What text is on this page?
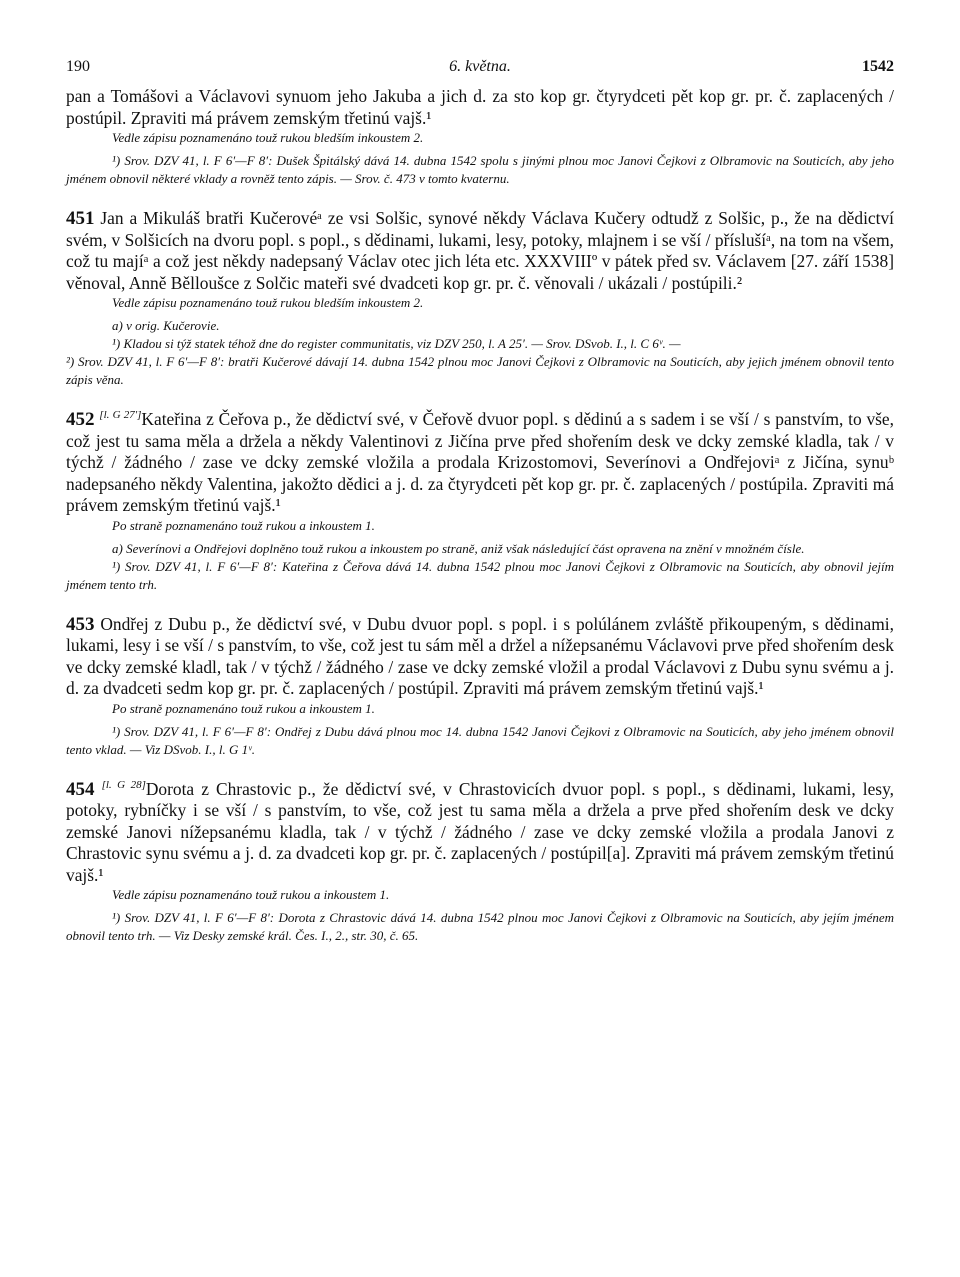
190	6. května.	1542

pan a Tomášovi a Václavovi synuom jeho Jakuba a jich d. za sto kop gr. čtyrydceti pět kop gr. pr. č. zaplacených / postúpil. Zpraviti má právem zemským třetinú vajš.¹

Vedle zápisu poznamenáno touž rukou bledším inkoustem 2.

¹) Srov. DZV 41, l. F 6′—F 8′: Dušek Špitálský dává 14. dubna 1542 spolu s jinými plnou moc Janovi Čejkovi z Olbramovic na Souticích, aby jeho jménem obnovil některé vklady a rovněž tento zápis. — Srov. č. 473 v tomto kvaternu.

451 Jan a Mikuláš bratři Kučerovéᵃ ze vsi Solšic, synové někdy Václava Kučery odtudž z Solšic, p., že na dědictví svém, v Solšicích na dvoru popl. s popl., s dědinami, lukami, lesy, potoky, mlajnem i se vší / příslušíᵃ, na tom na všem, což tu majíᵃ a což jest někdy nadepsaný Václav otec jich léta etc. XXXVIIIº v pátek před sv. Václavem [27. září 1538] věnoval, Anně Bělloušce z Solčic mateři své dvadceti kop gr. pr. č. věnovali / ukázali / postúpili.²

Vedle zápisu poznamenáno touž rukou bledším inkoustem 2.

a) v orig. Kučerovie.

¹) Kladou si týž statek téhož dne do register communitatis, viz DZV 250, l. A 25′. — Srov. DSvob. I., l. C 6ᵛ. —

²) Srov. DZV 41, l. F 6′—F 8′: bratři Kučerové dávají 14. dubna 1542 plnou moc Janovi Čejkovi z Olbramovic na Souticích, aby jejich jménem obnovil tento zápis věna.

452 [l. G 27′]Kateřina z Čeřova p., že dědictví své, v Čeřově dvuor popl. s dědinú a s sadem i se vší / s panstvím, to vše, což jest tu sama měla a držela a někdy Valentinovi z Jičína prve před shořením desk ve dcky zemské kladla, tak / v týchž / žádného / zase ve dcky zemské vložila a prodala Krizostomovi, Severínovi a Ondřejoviᵃ z Jičína, synuᵇ nadepsaného někdy Valentina, jakožto dědici a j. d. za čtyrydceti pět kop gr. pr. č. zaplacených / postúpila. Zpraviti má právem zemským třetinú vajš.¹

Po straně poznamenáno touž rukou a inkoustem 1.

a) Severínovi a Ondřejovi doplněno touž rukou a inkoustem po straně, aniž však následující část opravena na znění v množném čísle.

¹) Srov. DZV 41, l. F 6′—F 8′: Kateřina z Čeřova dává 14. dubna 1542 plnou moc Janovi Čejkovi z Olbramovic na Souticích, aby obnovil jejím jménem tento trh.

453 Ondřej z Dubu p., že dědictví své, v Dubu dvuor popl. s popl. i s polúlánem zvláště přikoupeným, s dědinami, lukami, lesy i se vší / s panstvím, to vše, což jest tu sám měl a držel a nížepsanému Václavovi prve před shořením desk ve dcky zemské kladl, tak / v týchž / žádného / zase ve dcky zemské vložil a prodal Václavovi z Dubu synu svému a j. d. za dvadceti sedm kop gr. pr. č. zaplacených / postúpil. Zpraviti má právem zemským třetinú vajš.¹

Po straně poznamenáno touž rukou a inkoustem 1.

¹) Srov. DZV 41, l. F 6′—F 8′: Ondřej z Dubu dává plnou moc 14. dubna 1542 Janovi Čejkovi z Olbramovic na Souticích, aby jeho jménem obnovil tento vklad. — Viz DSvob. I., l. G 1ᵛ.

454 [l. G 28]Dorota z Chrastovic p., že dědictví své, v Chrastovicích dvuor popl. s popl., s dědinami, lukami, lesy, potoky, rybníčky i se vší / s panstvím, to vše, což jest tu sama měla a držela a prve před shořením desk ve dcky zemské Janovi nížepsanému kladla, tak / v týchž / žádného / zase ve dcky zemské vložila a prodala Janovi z Chrastovic synu svému a j. d. za dvadceti kop gr. pr. č. zaplacených / postúpil[a]. Zpraviti má právem zemským třetinú vajš.¹

Vedle zápisu poznamenáno touž rukou a inkoustem 1.

¹) Srov. DZV 41, l. F 6′—F 8′: Dorota z Chrastovic dává 14. dubna 1542 plnou moc Janovi Čejkovi z Olbramovic na Souticích, aby jejím jménem obnovil tento trh. — Viz Desky zemské král. Čes. I., 2., str. 30, č. 65.
